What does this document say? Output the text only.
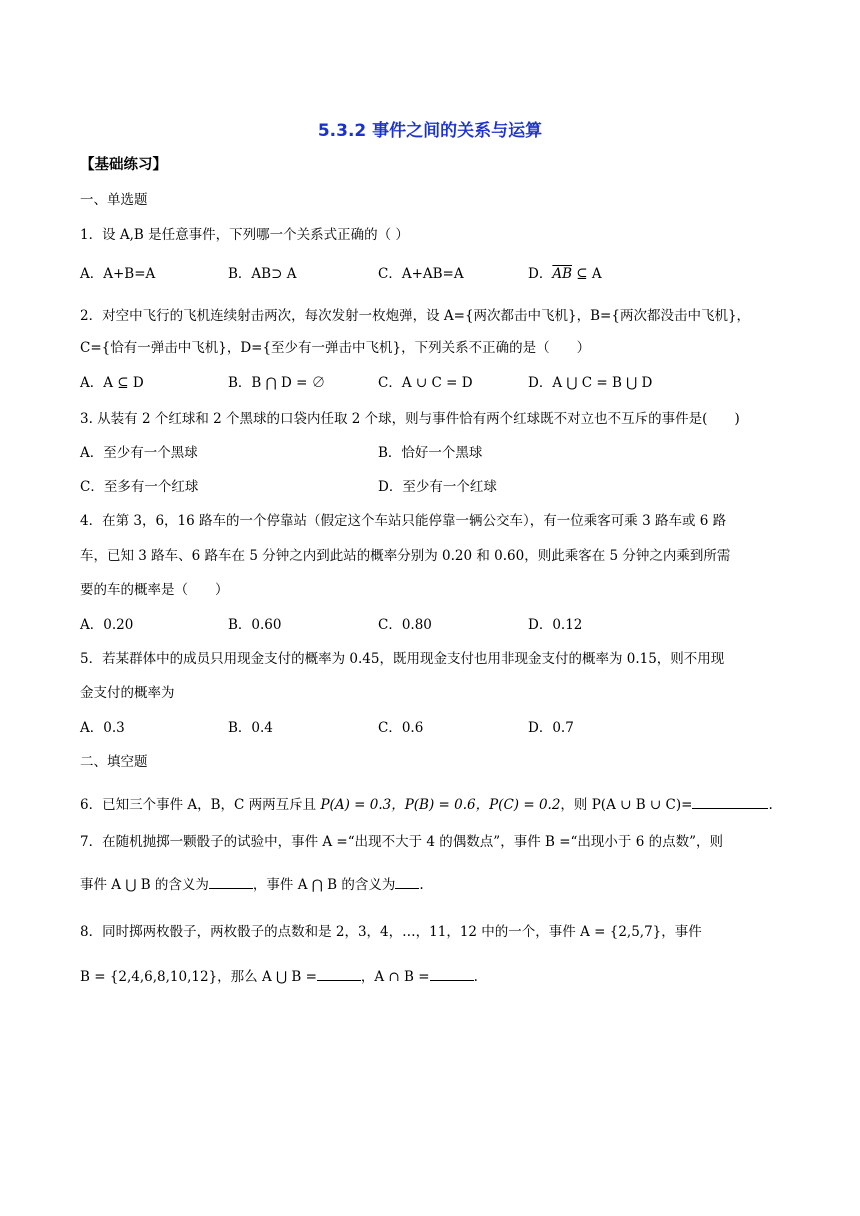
5.3.2 事件之间的关系与运算
【基础练习】
一、单选题
1．设 A,B 是任意事件，下列哪一个关系式正确的（ ）
A．A+B=A	B．AB⊃ A	C．A+AB=A	D．$\overline{AB}$ ⊆ A
2．对空中飞行的飞机连续射击两次，每次发射一枚炮弹，设 A={两次都击中飞机}，B={两次都没击中飞机}，
C={恰有一弹击中飞机}，D={至少有一弹击中飞机}，下列关系不正确的是（　　）
A．A ⊆ D	B．B ⋂ D = ∅	C．A ∪ C = D	D．A ⋃ C = B ⋃ D
3. 从装有 2 个红球和 2 个黑球的口袋内任取 2 个球，则与事件恰有两个红球既不对立也不互斥的事件是(　　)
A．至少有一个黑球	B．恰好一个黑球
C．至多有一个红球	D．至少有一个红球
4．在第 3，6，16 路车的一个停靠站（假定这个车站只能停靠一辆公交车），有一位乘客可乘 3 路车或 6 路
车，已知 3 路车、6 路车在 5 分钟之内到此站的概率分别为 0.20 和 0.60，则此乘客在 5 分钟之内乘到所需
要的车的概率是（　　）
A．0.20	B．0.60	C．0.80	D．0.12
5．若某群体中的成员只用现金支付的概率为 0.45，既用现金支付也用非现金支付的概率为 0.15，则不用现
金支付的概率为
A．0.3	B．0.4	C．0.6	D．0.7
二、填空题
6．已知三个事件 A，B，C 两两互斥且 P(A) = 0.3，P(B) = 0.6，P(C) = 0.2，则 P(A ∪ B ∪ C)=	.
7．在随机抛掷一颗骰子的试验中，事件 A =“出现不大于 4 的偶数点”，事件 B =“出现小于 6 的点数”，则
事件 A ⋃ B 的含义为	，事件 A ⋂ B 的含义为 .
8．同时掷两枚骰子，两枚骰子的点数和是 2，3，4，…，11，12 中的一个，事件 A = {2,5,7}，事件
B = {2,4,6,8,10,12}，那么 A ⋃ B =	，A ∩ B =	.
